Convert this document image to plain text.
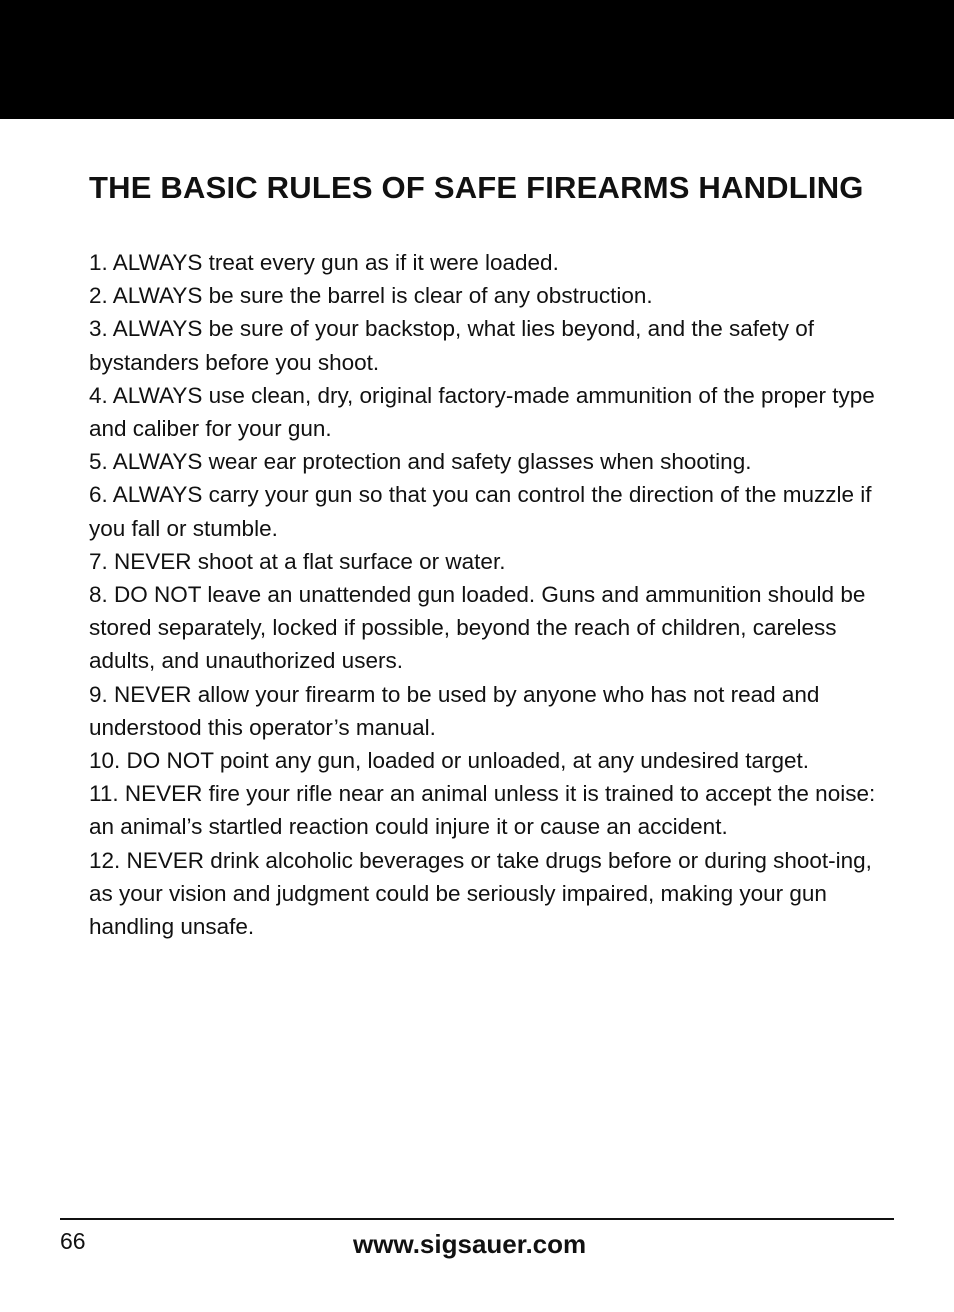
THE BASIC RULES OF SAFE FIREARMS HANDLING
1. ALWAYS treat every gun as if it were loaded.
2. ALWAYS be sure the barrel is clear of any obstruction.
3. ALWAYS be sure of your backstop, what lies beyond, and the safety of bystanders before you shoot.
4. ALWAYS use clean, dry, original factory-made ammunition of the proper type and caliber for your gun.
5. ALWAYS wear ear protection and safety glasses when shooting.
6. ALWAYS carry your gun so that you can control the direction of the muzzle if you fall or stumble.
7. NEVER shoot at a flat surface or water.
8. DO NOT leave an unattended gun loaded. Guns and ammunition should be stored separately, locked if possible, beyond the reach of children, careless adults, and unauthorized users.
9. NEVER allow your firearm to be used by anyone who has not read and understood this operator’s manual.
10. DO NOT point any gun, loaded or unloaded, at any undesired target.
11. NEVER fire your rifle near an animal unless it is trained to accept the noise: an animal’s startled reaction could injure it or cause an accident.
12. NEVER drink alcoholic beverages or take drugs before or during shoot-ing, as your vision and judgment could be seriously impaired, making your gun handling unsafe.
66	www.sigsauer.com
